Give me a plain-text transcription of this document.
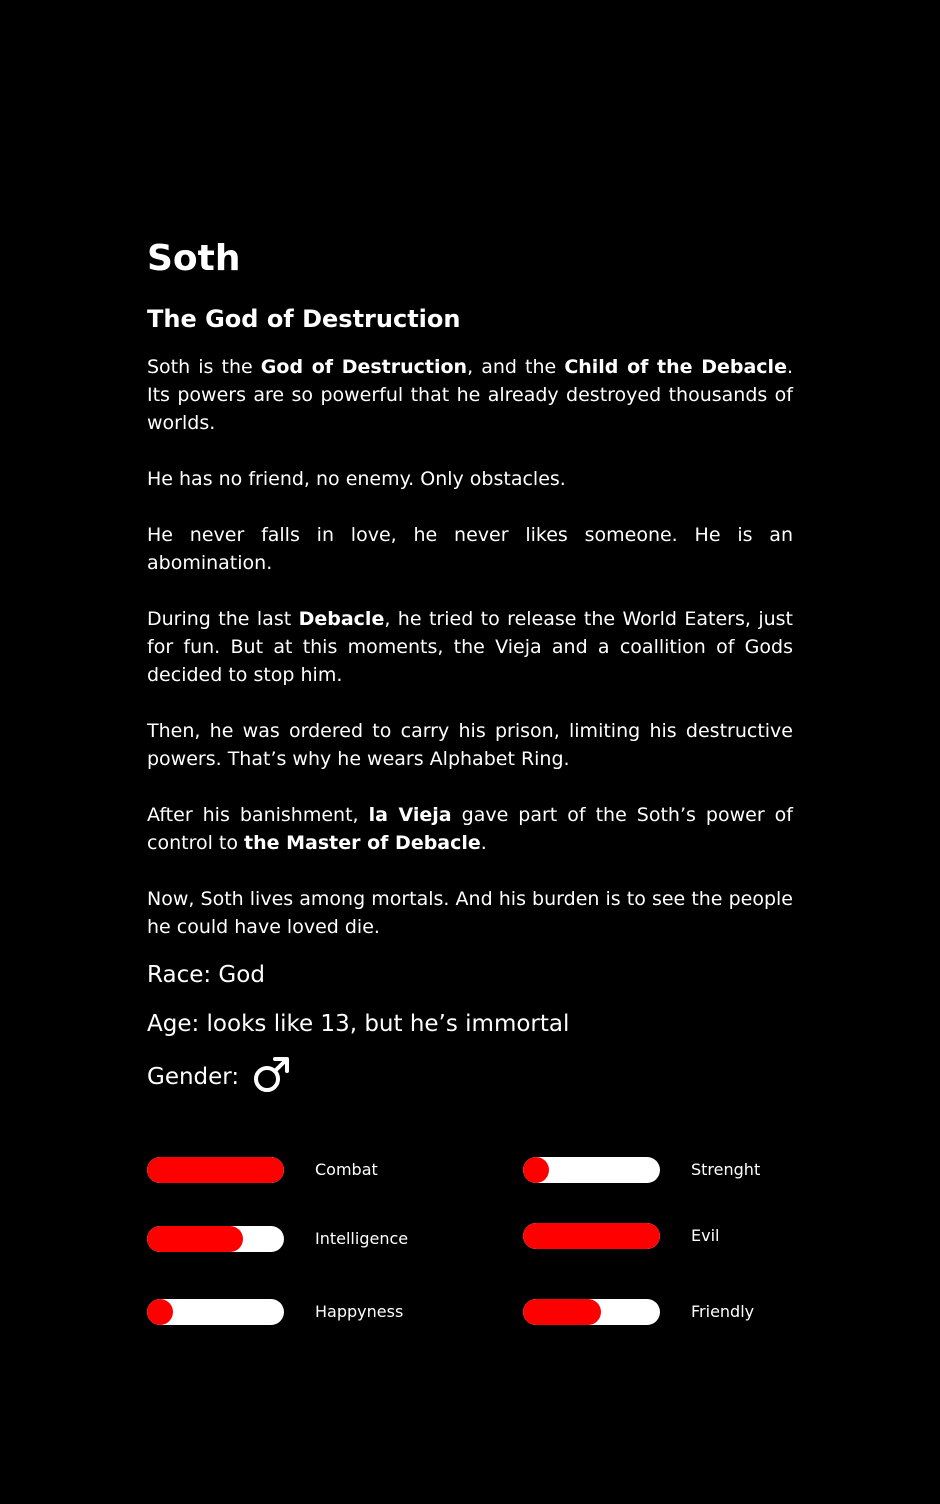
Soth
The God of Destruction

Soth is the God of Destruction, and the Child of the Debacle. Its powers are so powerful that he already destroyed thousands of worlds.

He has no friend, no enemy. Only obstacles.

He never falls in love, he never likes someone. He is an abomination.

During the last Debacle, he tried to release the World Eaters, just for fun. But at this moments, the Vieja and a coallition of Gods decided to stop him.

Then, he was ordered to carry his prison, limiting his destructive powers. That’s why he wears Alphabet Ring.

After his banishment, la Vieja gave part of the Soth’s power of control to the Master of Debacle.

Now, Soth lives among mortals. And his burden is to see the people he could have loved die.

Race: God

Age: looks like 13, but he’s immortal

Gender:
Combat
Intelligence
Happyness
Strenght
Evil
Friendly
